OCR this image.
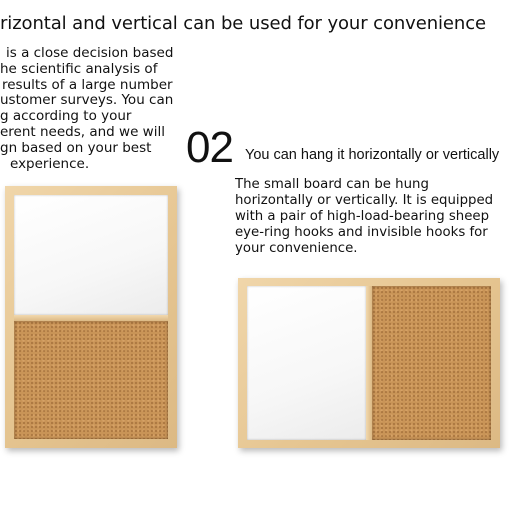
rizontal and vertical can be used for your convenience
is a close decision based
he scientific analysis of
results of a large number
ustomer surveys. You can
g according to your
erent needs, and we will
gn based on your best
experience.	02 You can hang it horizontally or vertically
The small board can be hung
horizontally or vertically. It is equipped
with a pair of high-load-bearing sheep
eye-ring hooks and invisible hooks for
your convenience.
